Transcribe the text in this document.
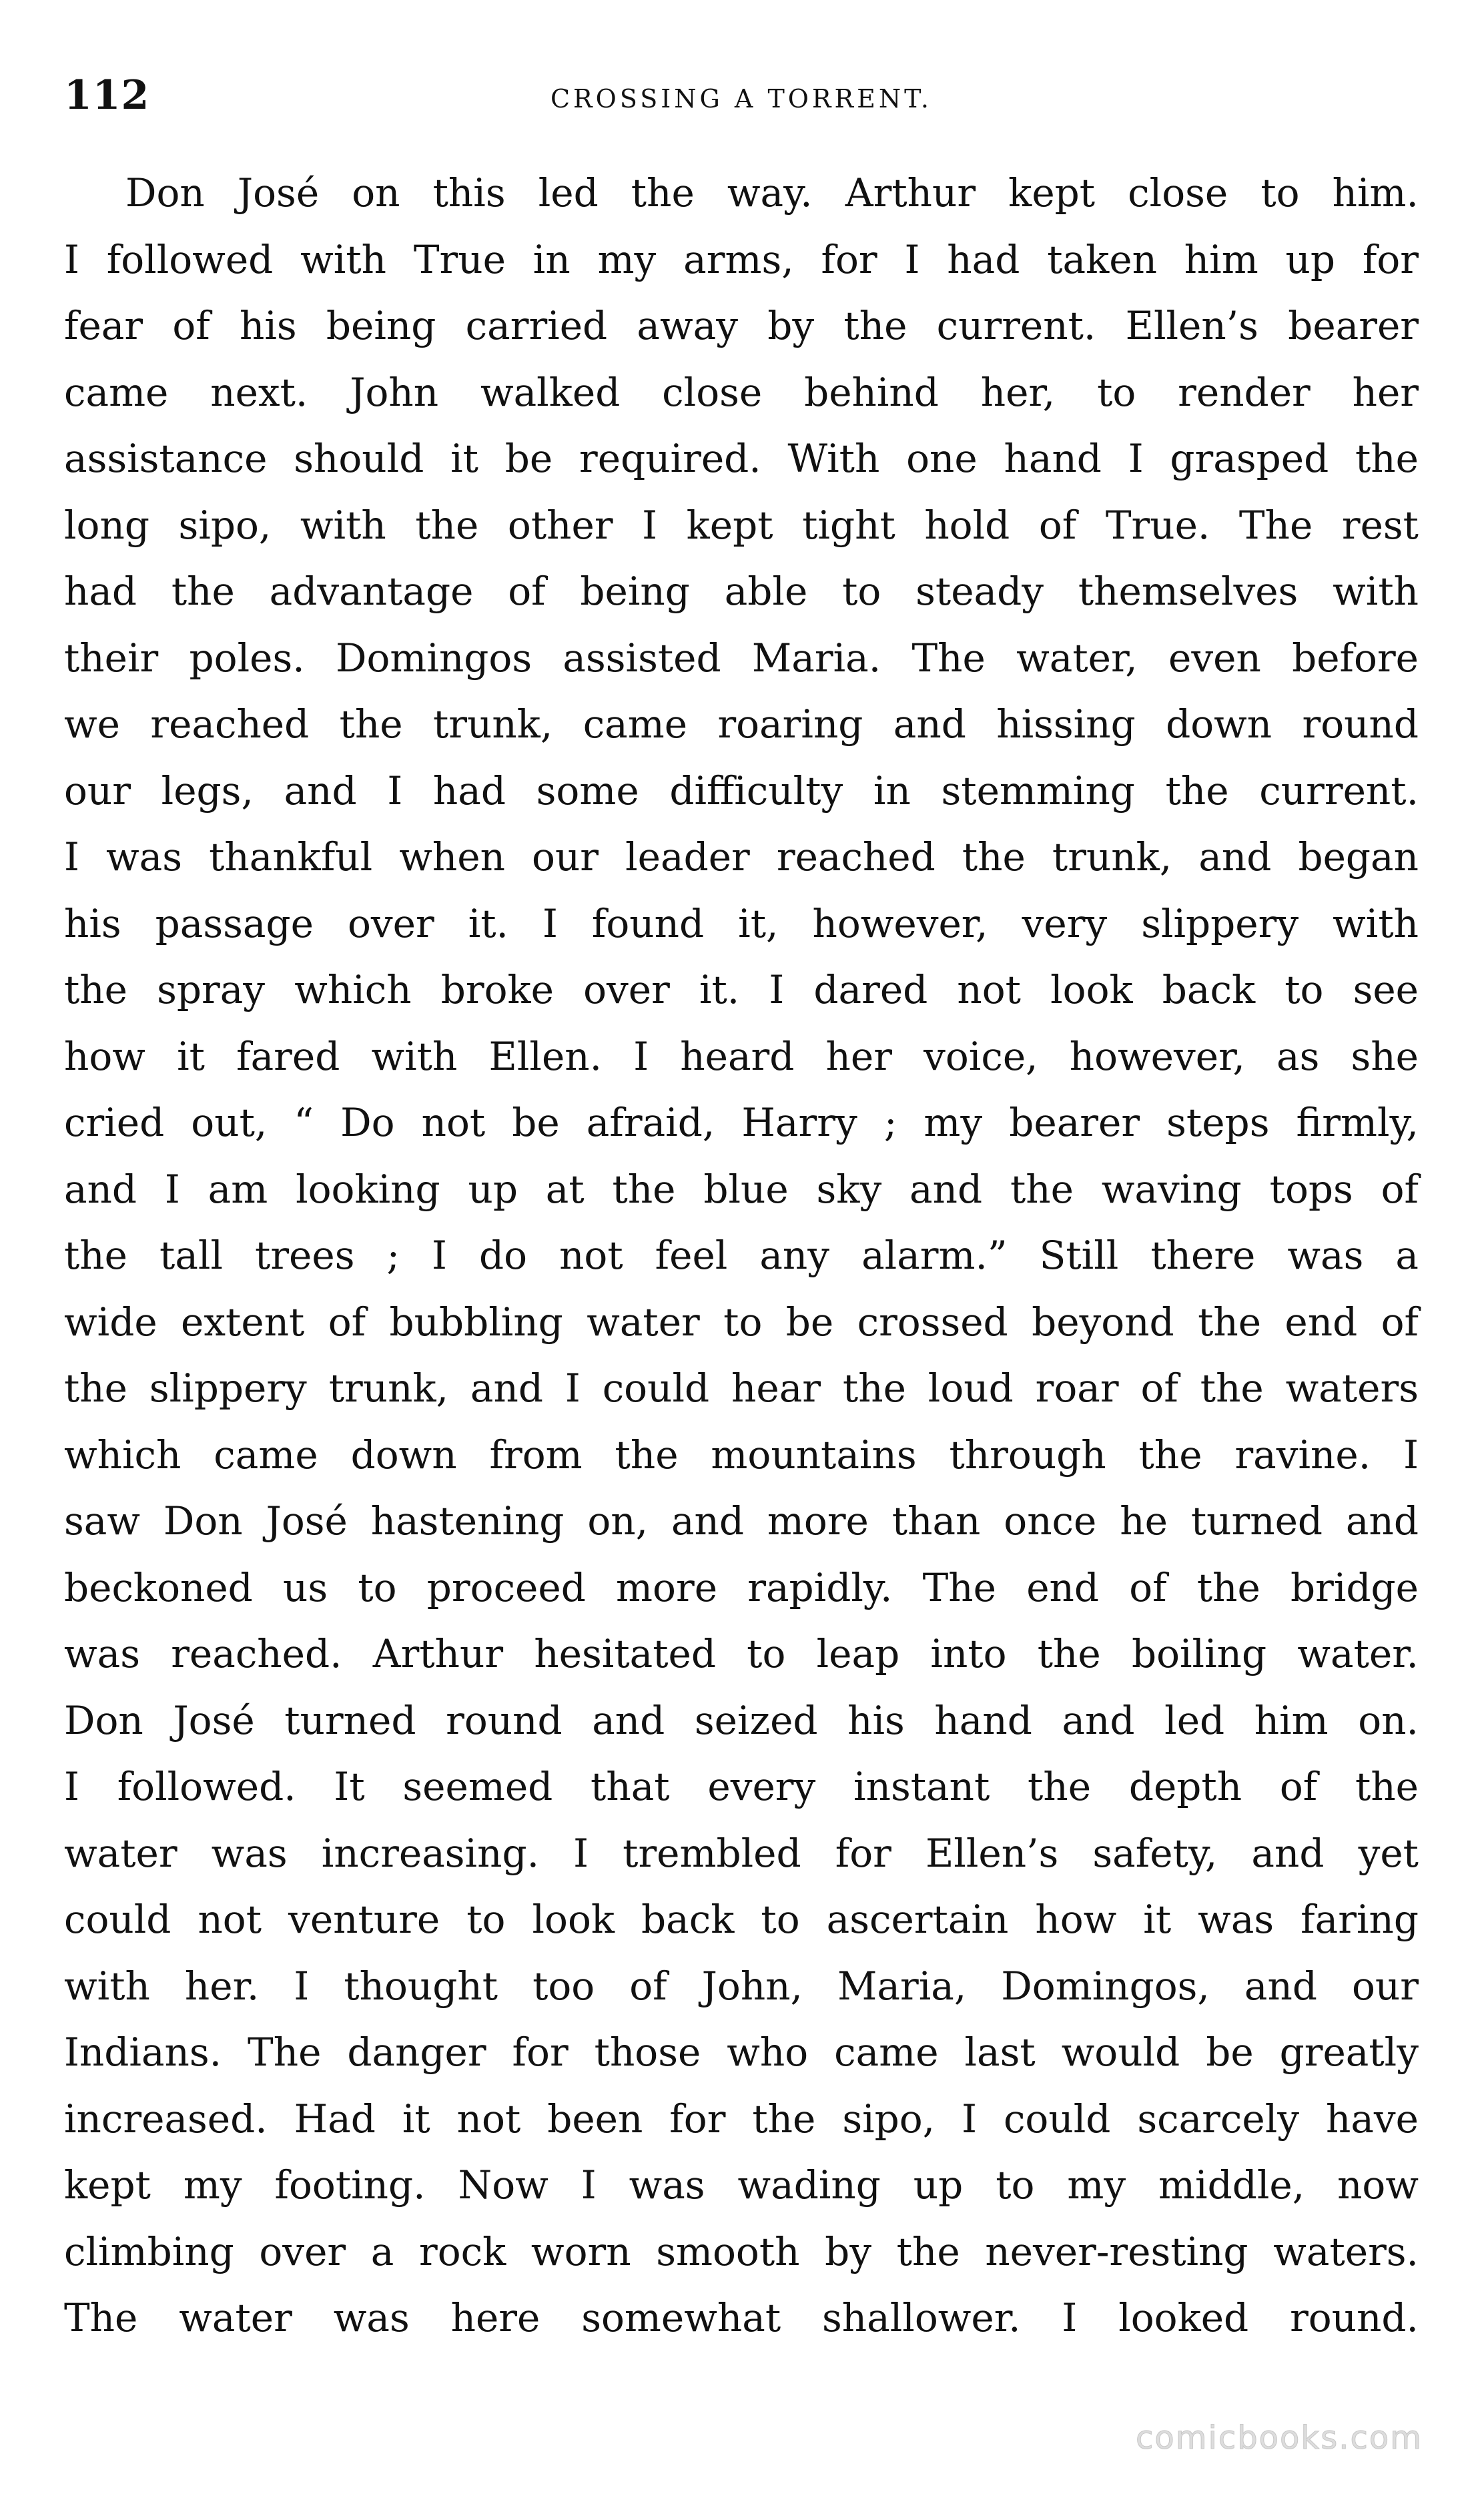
112	CROSSING A TORRENT.
Don José on this led the way. Arthur kept close to him.
I followed with True in my arms, for I had taken him up for
fear of his being carried away by the current. Ellen’s bearer
came next. John walked close behind her, to render her
assistance should it be required. With one hand I grasped the
long sipo, with the other I kept tight hold of True. The rest
had the advantage of being able to steady themselves with
their poles. Domingos assisted Maria. The water, even before
we reached the trunk, came roaring and hissing down round
our legs, and I had some difficulty in stemming the current.
I was thankful when our leader reached the trunk, and began
his passage over it. I found it, however, very slippery with
the spray which broke over it. I dared not look back to see
how it fared with Ellen. I heard her voice, however, as she
cried out, “ Do not be afraid, Harry ; my bearer steps firmly,
and I am looking up at the blue sky and the waving tops of
the tall trees ; I do not feel any alarm.” Still there was a
wide extent of bubbling water to be crossed beyond the end of
the slippery trunk, and I could hear the loud roar of the waters
which came down from the mountains through the ravine. I
saw Don José hastening on, and more than once he turned and
beckoned us to proceed more rapidly. The end of the bridge
was reached. Arthur hesitated to leap into the boiling water.
Don José turned round and seized his hand and led him on.
I followed. It seemed that every instant the depth of the
water was increasing. I trembled for Ellen’s safety, and yet
could not venture to look back to ascertain how it was faring
with her. I thought too of John, Maria, Domingos, and our
Indians. The danger for those who came last would be greatly
increased. Had it not been for the sipo, I could scarcely have
kept my footing. Now I was wading up to my middle, now
climbing over a rock worn smooth by the never-resting waters.
The water was here somewhat shallower. I looked round.
comicbooks.com
